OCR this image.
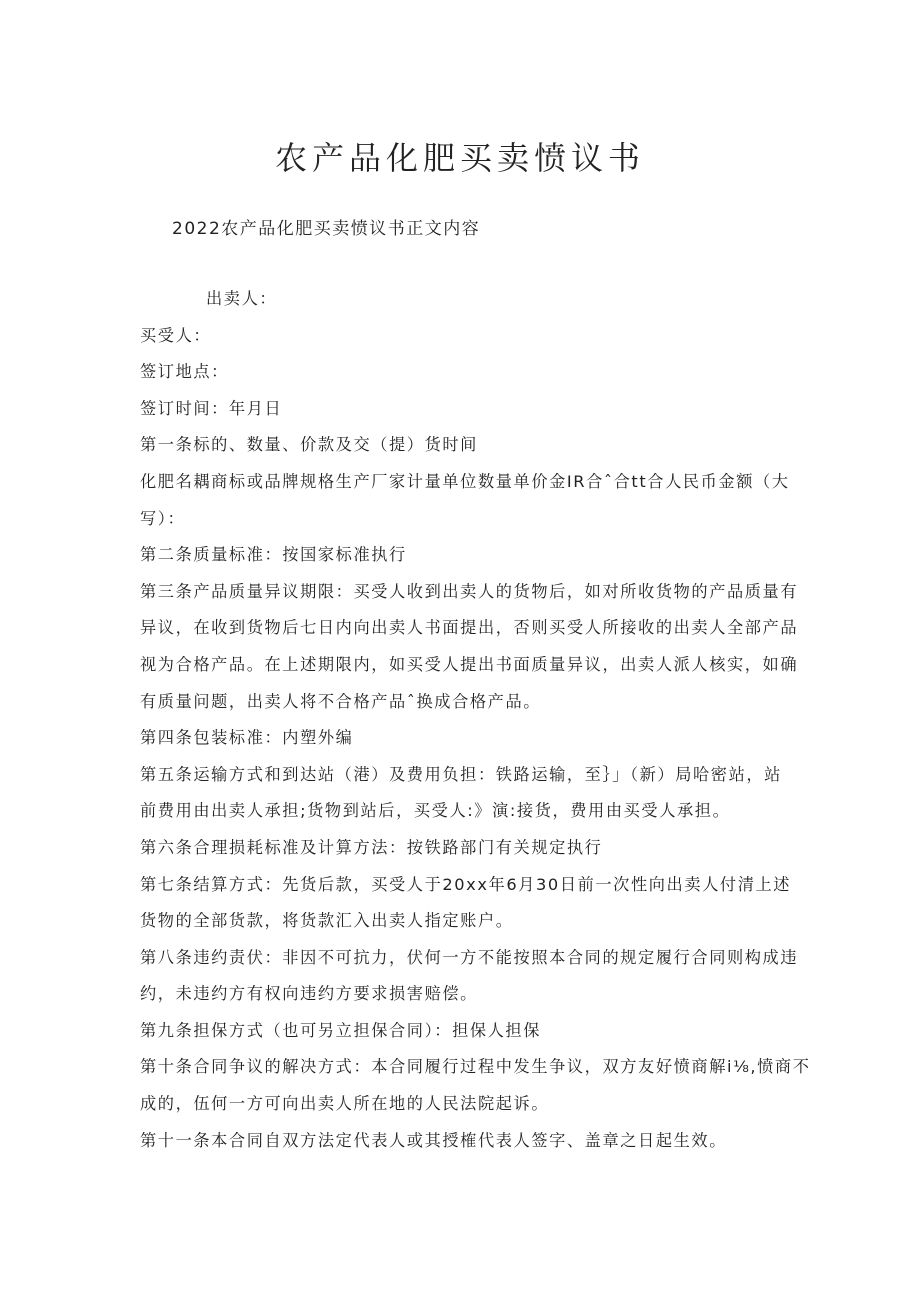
农产品化肥买卖愤议书

2022农产品化肥买卖愤议书正文内容

出卖人：

买受人：

签订地点：

签订时间：年月日

第一条标的、数量、价款及交（提）货时间

化肥名耦商标或品牌规格生产厂家计量单位数量单价金IR合ˆ合tt合人民币金额（大

写）：

第二条质量标准：按国家标准执行

第三条产品质量异议期限：买受人收到出卖人的货物后，如对所收货物的产品质量有

异议，在收到货物后七日内向出卖人书面提出，否则买受人所接收的出卖人全部产品

视为合格产品。在上述期限内，如买受人提出书面质量异议，出卖人派人核实，如确

有质量问题，出卖人将不合格产品ˆ换成合格产品。

第四条包装标准：内塑外编

第五条运输方式和到达站（港）及费用负担：铁路运输，至｝」（新）局哈密站，站

前费用由出卖人承担;货物到站后，买受人:》演:接货，费用由买受人承担。

第六条合理损耗标准及计算方法：按铁路部门有关规定执行

第七条结算方式：先货后款，买受人于20xx年6月30日前一次性向出卖人付清上述

货物的全部货款，将货款汇入出卖人指定账户。

第八条违约责伏：非因不可抗力，伏何一方不能按照本合同的规定履行合同则构成违

约，未违约方有权向违约方要求损害赔偿。

第九条担保方式（也可另立担保合同）：担保人担保

第十条合同争议的解决方式：本合同履行过程中发生争议，双方友好愤商解i⅛,愤商不

成的，伍何一方可向出卖人所在地的人民法院起诉。

第十一条本合同自双方法定代表人或其授榷代表人签字、盖章之日起生效。
